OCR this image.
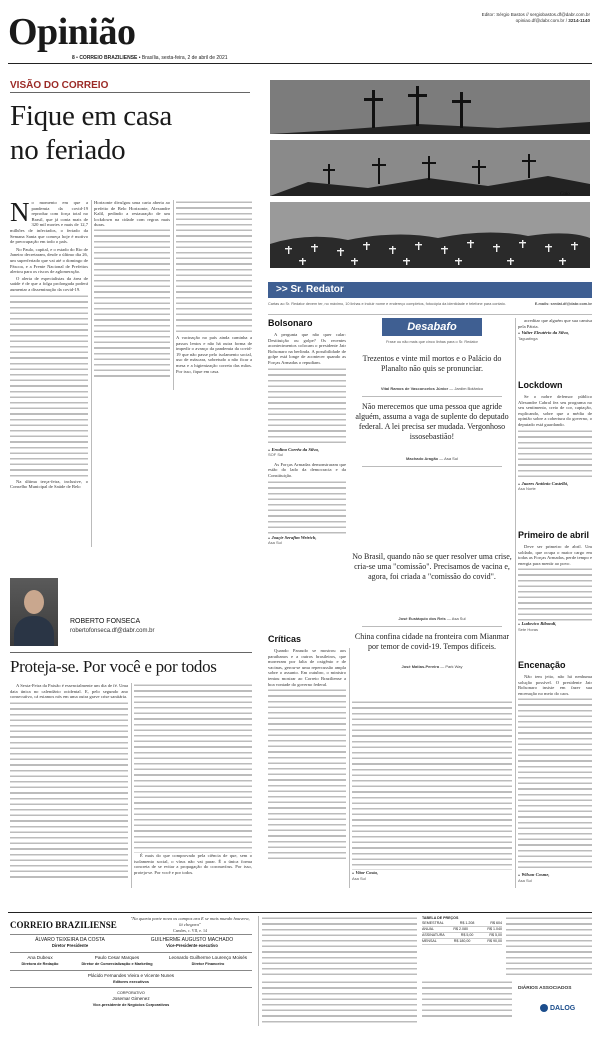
Opinião
8 • CORREIO BRAZILIENSE • Brasília, sexta-feira, 2 de abril de 2021
Editor: Sérgio Bastos // sergiobastos.df@dabr.com.br
opiniao.df@dabr.com.br / 3214-1140
VISÃO DO CORREIO
Fique em casa
no feriado
N o momento em que a pandemia da covid-19 reproduz com força total no Brasil, que já conta mais de 320 mil mortes e mais de 12,7 milhões de infectados, o feriado da Semana Santa que começa hoje é motivo de preocupação em todo o país.

No Paulo, capital, e o estado do Rio de Janeiro decretaram, desde o último dia 26, um superferiado que vai até o domingo de Páscoa, e a Frente Nacional de Prefeitos alertou para os riscos de aglomeração.

O alerta de especialistas da área de saúde é de que a folga prolongada poderá aumentar a disseminação da covid-19.

Na última terça-feira, inclusive, o Conselho Municipal de Saúde de Belo

Horizonte divulgou uma carta aberta ao prefeito de Belo Horizonte, Alexandre Kalil, pedindo a restauração de um lockdown na cidade com regras mais duras.
A vacinação no país ainda caminha a passos lentos e não há outra forma de impedir o avanço da pandemia da covid-19 que não passe pelo isolamento social, uso de máscara, sobretudo a não ficar a mesa e a higienização correta das mãos. Por isso, fique em casa.
ROBERTO FONSECA
robertofonseca.df@dabr.com.br
Proteja-se. Por você e por todos

A Sexta-Feira da Paixão é essencialmente um dia de fé. Uma data única no calendário ocidental. E, pelo segundo ano consecutivo, cá estamos nós em uma outra grave crise sanitária.

É mais do que comprovado pela ciência de que, sem o isolamento social, o vírus não vai parar. É a única forma concreta de se evitar a propagação do coronavírus. Por isso, proteja-se. Por você e por todos.

Caio
>> Sr. Redator
Cartas ao Sr. Redator devem ter, no máximo, 10 linhas e incluir nome e endereço completos, fotocópia da identidade e telefone para contato.	E-mails: sredat.df@dabr.com.br
Bolsonaro

A pergunta que não quer calar: Destituição ou golpe? Os recentes acontecimentos colocam o presidente Jair Bolsonaro na berlinda. A possibilidade de golpe está longe de acontecer quando as Forças Armadas o repudiam.

» Erodino Corrêa da Silva,
SOF Sul

As Forças Armadas demonstraram que estão do lado da democracia e da Constituição.

» Joaçir Serafim Weirich,
Asa Sul
Críticas

Quando Paraudo se mostrou aos paraibanos e a outros brasileiros, que morreram por falta de oxigênio e de vacinas, gerou-se uma repercussão ampla sobre o assunto. Em outubro, o ministro tentou mostrar ao Correio Braziliense a boa vontade do governo federal.

» Vitor Costa,
Asa Sul
Desabafo
Frase ou não mais que cinco linhas para o Sr. Redator
Trezentos e vinte mil mortos e o Palácio do Planalto não quis se pronunciar.
Vital Ramos de Vasconcelos Júnior — Jardim Botânico
Não merecemos que uma pessoa que agride alguém, assuma a vaga de suplente do deputado federal. A lei precisa ser mudada. Vergonhoso issosebastião!
Machado Aragão — Asa Sul
No Brasil, quando não se quer resolver uma crise, cria-se uma "comissão". Precisamos de vacina e, agora, foi criada a "comissão do covid".
José Eustáquio dos Reis — Asa Sul
China confina cidade na fronteira com Mianmar por temor de covid-19. Tempos difíceis.
José Matias-Pereira — Park Way

acreditar que alguém que sua camisa pela Pátria.

» Valter Eleutério da Silva,
Taguatinga
Lockdown

Se o nobre defensor público Alexandre Cabral fez seu programa no seu sentimento, creio de cor, captação, explicando, sobre que a média de opinião sobre a cobertura do governo, o deputado está guardando.

» Juares Antônio Castellá,
Asa Norte
Primeiro de abril

Deve ser primeiro de abril. Um soldado, que ocupa o maior cargo em todas as Forças Armadas, perde tempo e energia para mentir ao povo.

» Ludovico Ribondi,
Sete Horas
Encenação

Não tem jeito, não há nenhuma solução possível. O presidente Jair Bolsonaro insiste em fazer sua encenação no meio do caos.

» Wilson Cosme,
Asa Sul
CORREIO BRAZILIENSE
"Na quarta parte nova os campos ara E se mais mundo houvera, lá chegara"
Camões, c. VII, e. 14
ÁLVARO TEIXEIRA DA COSTA
Diretor Presidente
GUILHERME AUGUSTO MACHADO
Vice-Presidente executivo
Ana Dubeux
Diretora de Redação
Paulo Cesar Marques
Diretor de Comercialização e Marketing
Leonardo Guilherme Lourenço Moisés
Diretor Financeiro
Plácido Fernandes Vieira e Vicente Nunes
Editores executivos
CORPORATIVO
Josemar Gimenez
Vice-presidente de Negócios Corporativos
TABELA DE PREÇOS
SEMESTRAL	R$ 1.208	R$ 604
ANUAL	R$ 2.080	R$ 1.040
ASSINATURA	R$ 5,00	R$ 5,00
MENSAL	R$ 180,00	R$ 90,00
DIÁRIOS ASSOCIADOS
DALOG
